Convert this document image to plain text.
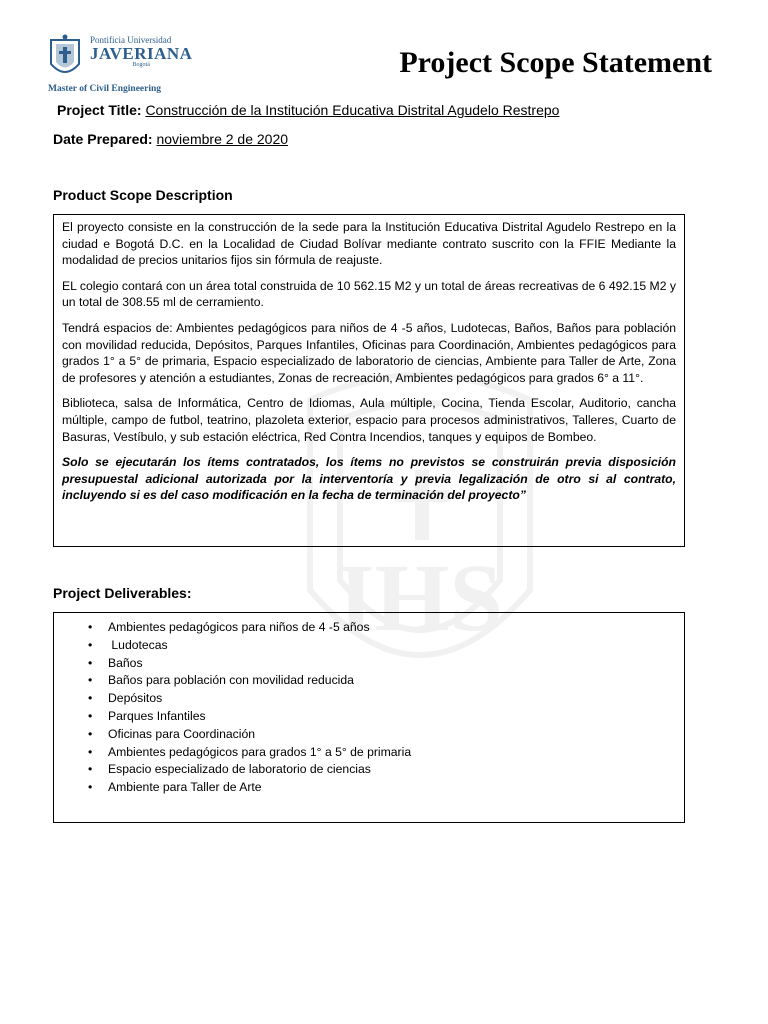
IHS
Pontificia Universidad
JAVERIANA
Bogotá
Master of Civil Engineering
Project Scope Statement
Project Title: Construcción de la Institución Educativa Distrital Agudelo Restrepo
Date Prepared: noviembre 2 de 2020
Product Scope Description

El proyecto consiste en la construcción de la sede para la Institución Educativa Distrital Agudelo Restrepo en la ciudad e Bogotá D.C. en la Localidad de Ciudad Bolívar mediante contrato suscrito con la FFIE Mediante la modalidad de precios unitarios fijos sin fórmula de reajuste.

EL colegio contará con un área total construida de 10 562.15 M2 y un total de áreas recreativas de 6 492.15 M2 y un total de 308.55 ml de cerramiento.

Tendrá espacios de: Ambientes pedagógicos para niños de 4 -5 años, Ludotecas, Baños, Baños para población con movilidad reducida, Depósitos, Parques Infantiles, Oficinas para Coordinación, Ambientes pedagógicos para grados 1° a 5° de primaria, Espacio especializado de laboratorio de ciencias, Ambiente para Taller de Arte, Zona de profesores y atención a estudiantes, Zonas de recreación, Ambientes pedagógicos para grados 6° a 11°.

Biblioteca, salsa de Informática, Centro de Idiomas, Aula múltiple, Cocina, Tienda Escolar, Auditorio, cancha múltiple, campo de futbol, teatrino, plazoleta exterior, espacio para procesos administrativos, Talleres, Cuarto de Basuras, Vestíbulo, y sub estación eléctrica, Red Contra Incendios, tanques y equipos de Bombeo.

Solo se ejecutarán los ítems contratados, los ítems no previstos se construirán previa disposición presupuestal adicional autorizada por la interventoría y previa legalización de otro si al contrato, incluyendo si es del caso modificación en la fecha de terminación del proyecto”

Project Deliverables:
• Ambientes pedagógicos para niños de 4 -5 años
•  Ludotecas
• Baños
• Baños para población con movilidad reducida
• Depósitos
• Parques Infantiles
• Oficinas para Coordinación
• Ambientes pedagógicos para grados 1° a 5° de primaria
• Espacio especializado de laboratorio de ciencias
• Ambiente para Taller de Arte
